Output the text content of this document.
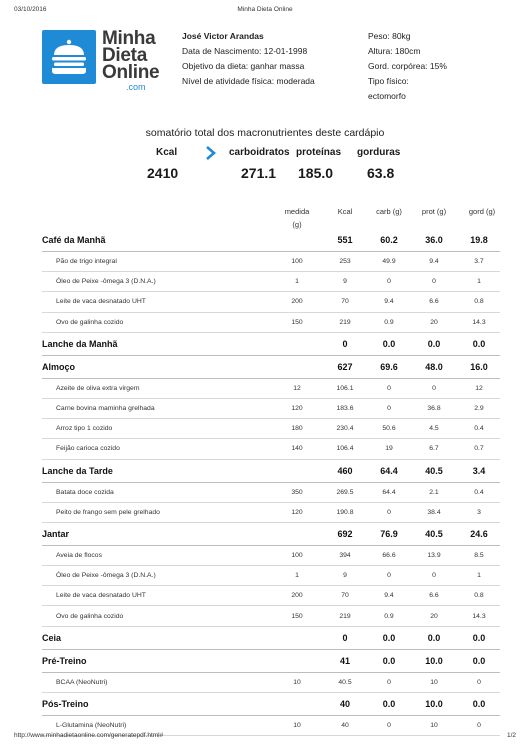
03/10/2016	Minha Dieta Online
Minha
Dieta
Online
.com
José Victor Arandas
Data de Nascimento: 12-01-1998
Objetivo da dieta: ganhar massa
Nível de atividade física: moderada
Peso: 80kg
Altura: 180cm
Gord. corpórea: 15%
Tipo físico:
ectomorfo
somatório total dos macronutrientes deste cardápio
Kcal
2410
carboidratos
271.1
proteínas
185.0
gorduras
63.8
medida
(g)
Kcal	carb (g)	prot (g)	gord (g)
Café da Manhã		551	60.2	36.0	19.8
Pão de trigo integral	100	253	49.9	9.4	3.7
Óleo de Peixe -ômega 3 (D.N.A.)	1	9	0	0	1
Leite de vaca desnatado UHT	200	70	9.4	6.6	0.8
Ovo de galinha cozido	150	219	0.9	20	14.3
Lanche da Manhã		0	0.0	0.0	0.0
Almoço		627	69.6	48.0	16.0
Azeite de oliva extra virgem	12	106.1	0	0	12
Carne bovina maminha grelhada	120	183.6	0	36.8	2.9
Arroz tipo 1 cozido	180	230.4	50.6	4.5	0.4
Feijão carioca cozido	140	106.4	19	6.7	0.7
Lanche da Tarde		460	64.4	40.5	3.4
Batata doce cozida	350	269.5	64.4	2.1	0.4
Peito de frango sem pele grelhado	120	190.8	0	38.4	3
Jantar		692	76.9	40.5	24.6
Aveia de flocos	100	394	66.6	13.9	8.5
Óleo de Peixe -ômega 3 (D.N.A.)	1	9	0	0	1
Leite de vaca desnatado UHT	200	70	9.4	6.6	0.8
Ovo de galinha cozido	150	219	0.9	20	14.3
Ceia		0	0.0	0.0	0.0
Pré-Treino		41	0.0	10.0	0.0
BCAA (NeoNutri)	10	40.5	0	10	0
Pós-Treino		40	0.0	10.0	0.0
L-Glutamina (NeoNutri)	10	40	0	10	0
http://www.minhadietaonline.com/generatepdf.html#	1/2
